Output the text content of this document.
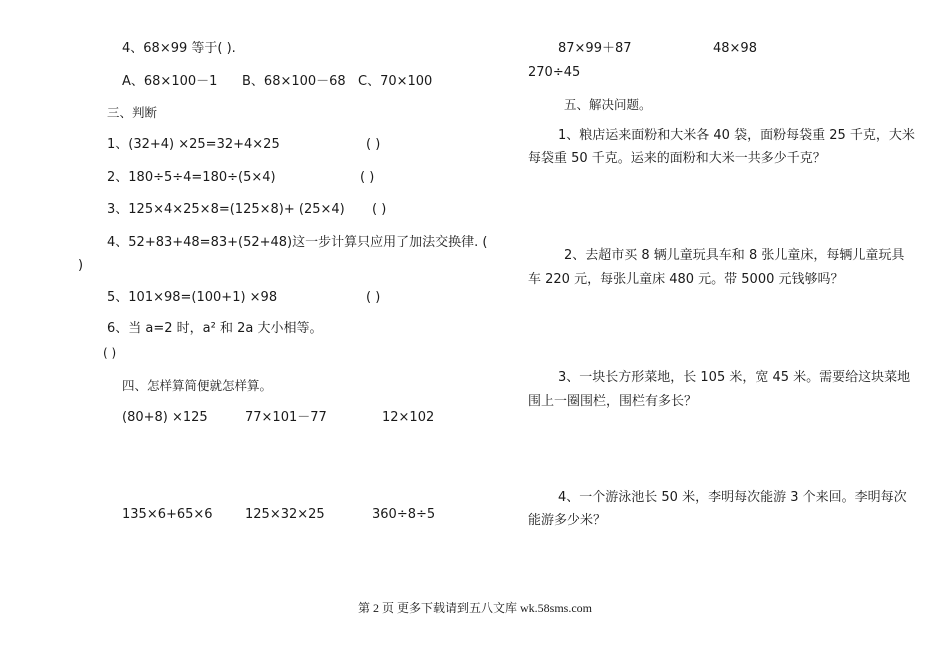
4、68×99 等于( ).
A、68×100－1 B、68×100－68 C、70×100
三、判断
1、(32+4) ×25=32+4×25	( )
2、180÷5÷4=180÷(5×4)	( )
3、125×4×25×8=(125×8)+ (25×4) ( )
4、52+83+48=83+(52+48)这一步计算只应用了加法交换律. (
)
5、101×98=(100+1) ×98	( )
6、当 a=2 时，a² 和 2a 大小相等。
( )
四、怎样算简便就怎样算。
(80+8) ×125	77×101－77	12×102
135×6+65×6 125×32×25	360÷8÷5
87×99＋87	48×98
270÷45
五、解决问题。
1、粮店运来面粉和大米各 40 袋，面粉每袋重 25 千克，大米
每袋重 50 千克。运来的面粉和大米一共多少千克？
2、去超市买 8 辆儿童玩具车和 8 张儿童床，每辆儿童玩具
车 220 元，每张儿童床 480 元。带 5000 元钱够吗？
3、一块长方形菜地，长 105 米，宽 45 米。需要给这块菜地
围上一圈围栏，围栏有多长？
4、一个游泳池长 50 米，李明每次能游 3 个来回。李明每次
能游多少米？
第 2 页 更多下载请到五八文库 wk.58sms.com
